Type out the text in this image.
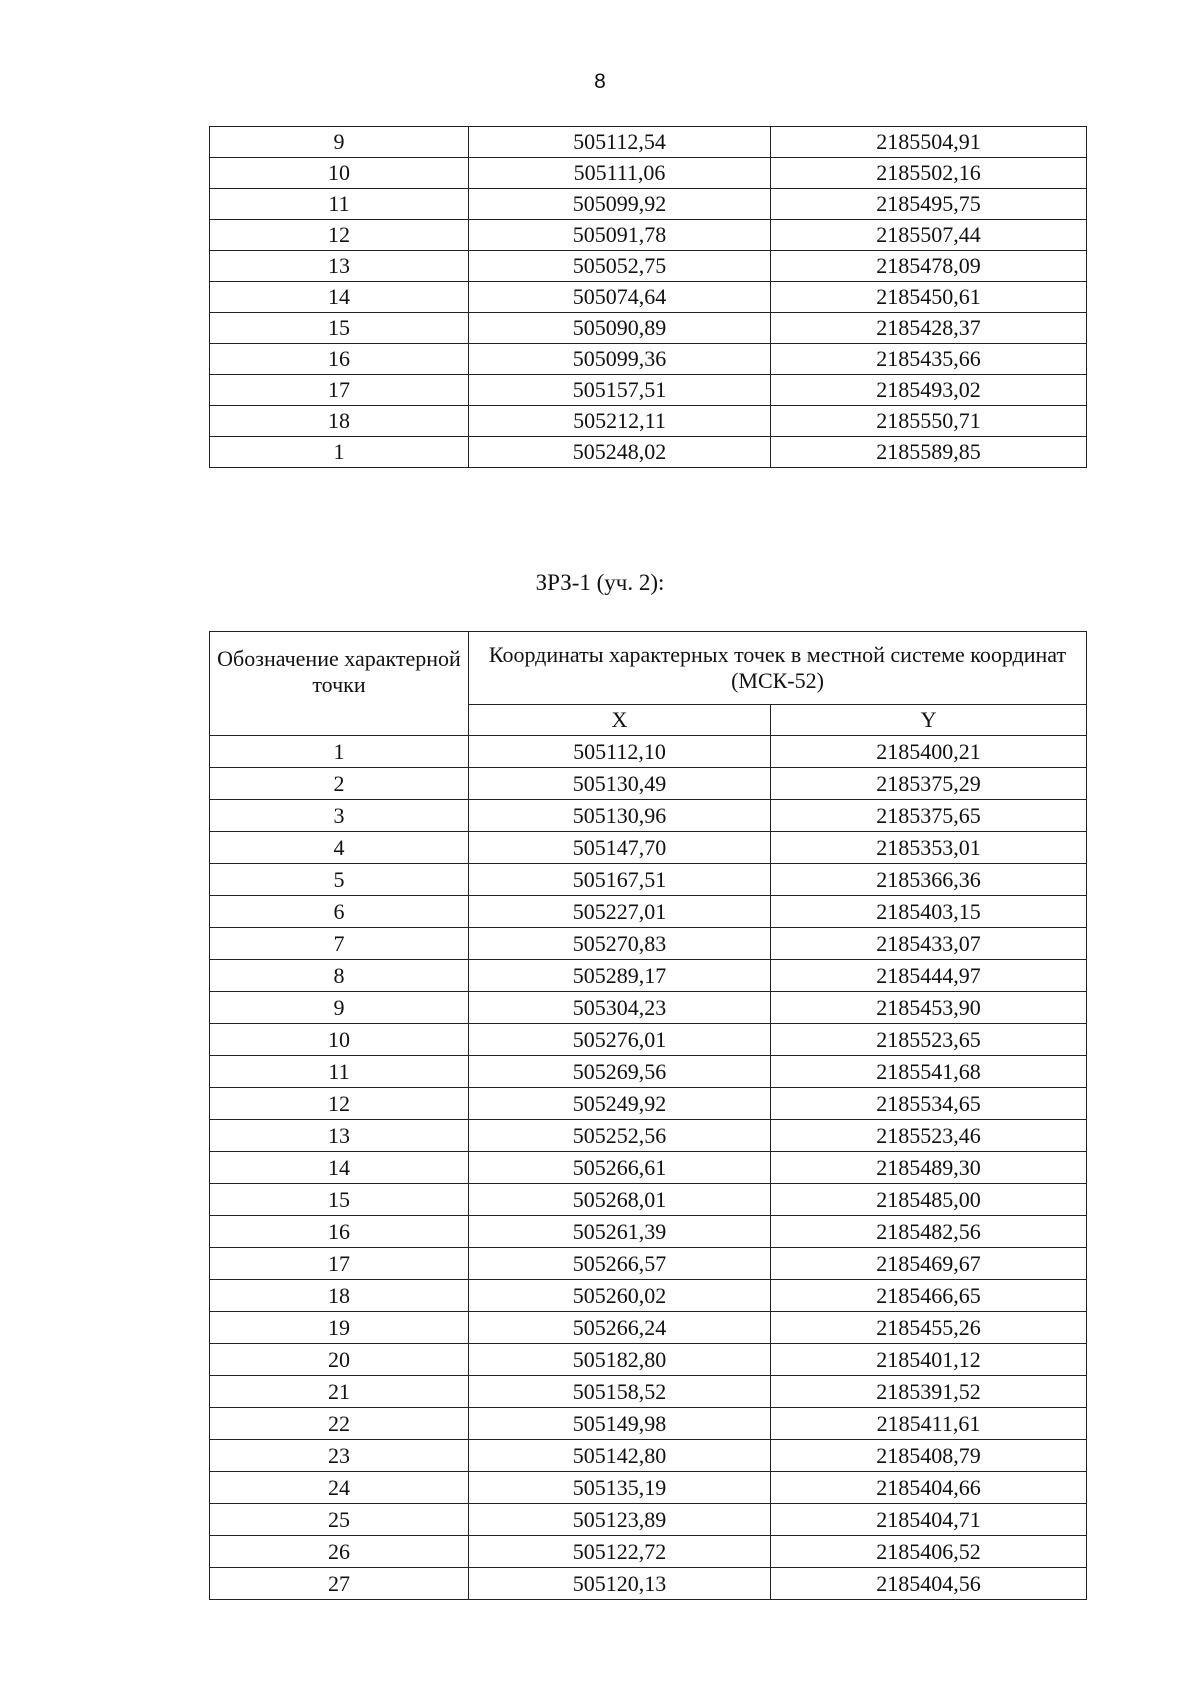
8
9	505112,54	2185504,91
10	505111,06	2185502,16
11	505099,92	2185495,75
12	505091,78	2185507,44
13	505052,75	2185478,09
14	505074,64	2185450,61
15	505090,89	2185428,37
16	505099,36	2185435,66
17	505157,51	2185493,02
18	505212,11	2185550,71
1	505248,02	2185589,85
ЗРЗ-1 (уч. 2):
Обозначение характерной точки	Координаты характерных точек в местной системе координат (МСК-52)	
	X	Y
1	505112,10	2185400,21
2	505130,49	2185375,29
3	505130,96	2185375,65
4	505147,70	2185353,01
5	505167,51	2185366,36
6	505227,01	2185403,15
7	505270,83	2185433,07
8	505289,17	2185444,97
9	505304,23	2185453,90
10	505276,01	2185523,65
11	505269,56	2185541,68
12	505249,92	2185534,65
13	505252,56	2185523,46
14	505266,61	2185489,30
15	505268,01	2185485,00
16	505261,39	2185482,56
17	505266,57	2185469,67
18	505260,02	2185466,65
19	505266,24	2185455,26
20	505182,80	2185401,12
21	505158,52	2185391,52
22	505149,98	2185411,61
23	505142,80	2185408,79
24	505135,19	2185404,66
25	505123,89	2185404,71
26	505122,72	2185406,52
27	505120,13	2185404,56
